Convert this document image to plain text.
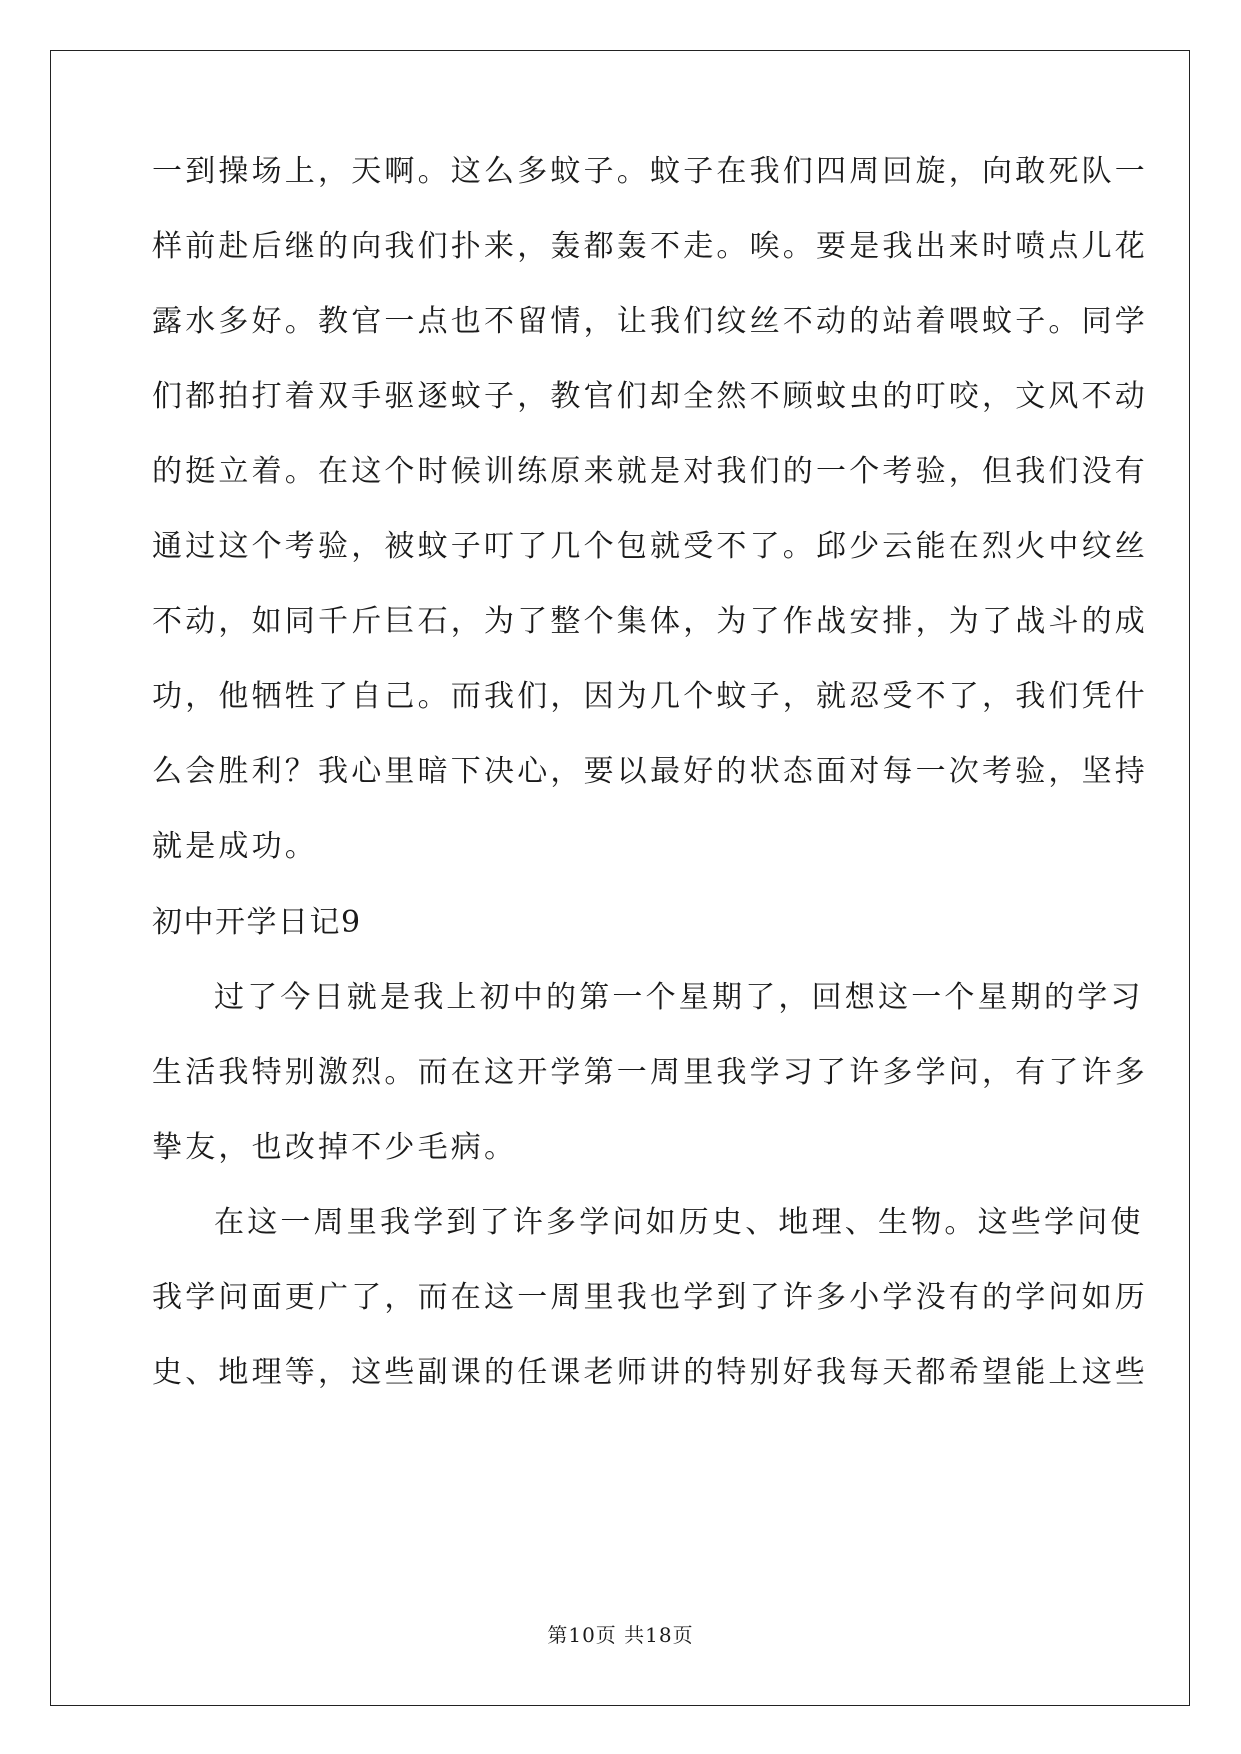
一到操场上，天啊。这么多蚊子。蚊子在我们四周回旋，向敢死队一
样前赴后继的向我们扑来，轰都轰不走。唉。要是我出来时喷点儿花
露水多好。教官一点也不留情，让我们纹丝不动的站着喂蚊子。同学
们都拍打着双手驱逐蚊子，教官们却全然不顾蚊虫的叮咬，文风不动
的挺立着。在这个时候训练原来就是对我们的一个考验，但我们没有
通过这个考验，被蚊子叮了几个包就受不了。邱少云能在烈火中纹丝
不动，如同千斤巨石，为了整个集体，为了作战安排，为了战斗的成
功，他牺牲了自己。而我们，因为几个蚊子，就忍受不了，我们凭什
么会胜利？我心里暗下决心，要以最好的状态面对每一次考验，坚持
就是成功。
初中开学日记9
过了今日就是我上初中的第一个星期了，回想这一个星期的学习
生活我特别激烈。而在这开学第一周里我学习了许多学问，有了许多
挚友，也改掉不少毛病。
在这一周里我学到了许多学问如历史、地理、生物。这些学问使
我学问面更广了，而在这一周里我也学到了许多小学没有的学问如历
史、地理等，这些副课的任课老师讲的特别好我每天都希望能上这些
第10页 共18页
